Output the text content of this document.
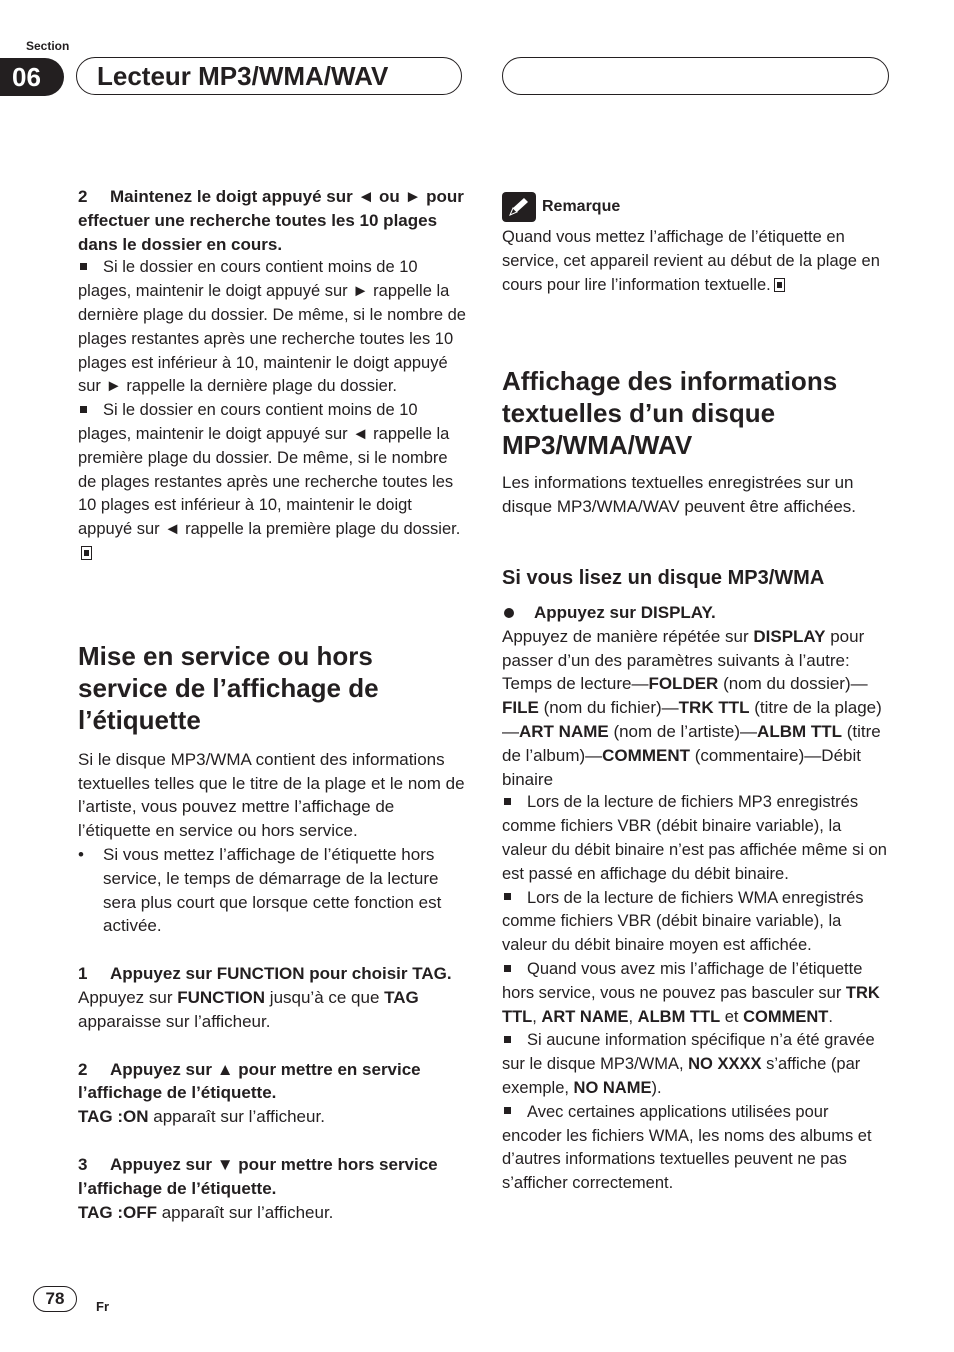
Section
06	Lecteur MP3/WMA/WAV

2 Maintenez le doigt appuyé sur ◄ ou ► pour effectuer une recherche toutes les 10 plages dans le dossier en cours.

Si le dossier en cours contient moins de 10 plages, maintenir le doigt appuyé sur ► rappelle la dernière plage du dossier. De même, si le nombre de plages restantes après une recherche toutes les 10 plages est inférieur à 10, maintenir le doigt appuyé sur ► rappelle la dernière plage du dossier.

Si le dossier en cours contient moins de 10 plages, maintenir le doigt appuyé sur ◄ rappelle la première plage du dossier. De même, si le nombre de plages restantes après une recherche toutes les 10 plages est inférieur à 10, maintenir le doigt appuyé sur ◄ rappelle la première plage du dossier.

Mise en service ou hors service de l’affichage de l’étiquette

Si le disque MP3/WMA contient des informations textuelles telles que le titre de la plage et le nom de l’artiste, vous pouvez mettre l’affichage de l’étiquette en service ou hors service.

•	Si vous mettez l’affichage de l’étiquette hors service, le temps de démarrage de la lecture sera plus court que lorsque cette fonction est activée.

1 Appuyez sur FUNCTION pour choisir TAG.

Appuyez sur FUNCTION jusqu’à ce que TAG apparaisse sur l’afficheur.

2 Appuyez sur ▲ pour mettre en service l’affichage de l’étiquette.

TAG :ON apparaît sur l’afficheur.

3 Appuyez sur ▼ pour mettre hors service l’affichage de l’étiquette.

TAG :OFF apparaît sur l’afficheur.

Remarque

Quand vous mettez l’affichage de l’étiquette en service, cet appareil revient au début de la plage en cours pour lire l’information textuelle.

Affichage des informations textuelles d’un disque MP3/WMA/WAV

Les informations textuelles enregistrées sur un disque MP3/WMA/WAV peuvent être affichées.

Si vous lisez un disque MP3/WMA

Appuyez sur DISPLAY.

Appuyez de manière répétée sur DISPLAY pour passer d’un des paramètres suivants à l’autre:

Temps de lecture—FOLDER (nom du dossier)—FILE (nom du fichier)—TRK TTL (titre de la plage)—ART NAME (nom de l’artiste)—ALBM TTL (titre de l’album)—COMMENT (commentaire)—Débit binaire

Lors de la lecture de fichiers MP3 enregistrés comme fichiers VBR (débit binaire variable), la valeur du débit binaire n’est pas affichée même si on est passé en affichage du débit binaire.

Lors de la lecture de fichiers WMA enregistrés comme fichiers VBR (débit binaire variable), la valeur du débit binaire moyen est affichée.

Quand vous avez mis l’affichage de l’étiquette hors service, vous ne pouvez pas basculer sur TRK TTL, ART NAME, ALBM TTL et COMMENT.

Si aucune information spécifique n’a été gravée sur le disque MP3/WMA, NO XXXX s’affiche (par exemple, NO NAME).

Avec certaines applications utilisées pour encoder les fichiers WMA, les noms des albums et d’autres informations textuelles peuvent ne pas s’afficher correctement.

78	Fr
